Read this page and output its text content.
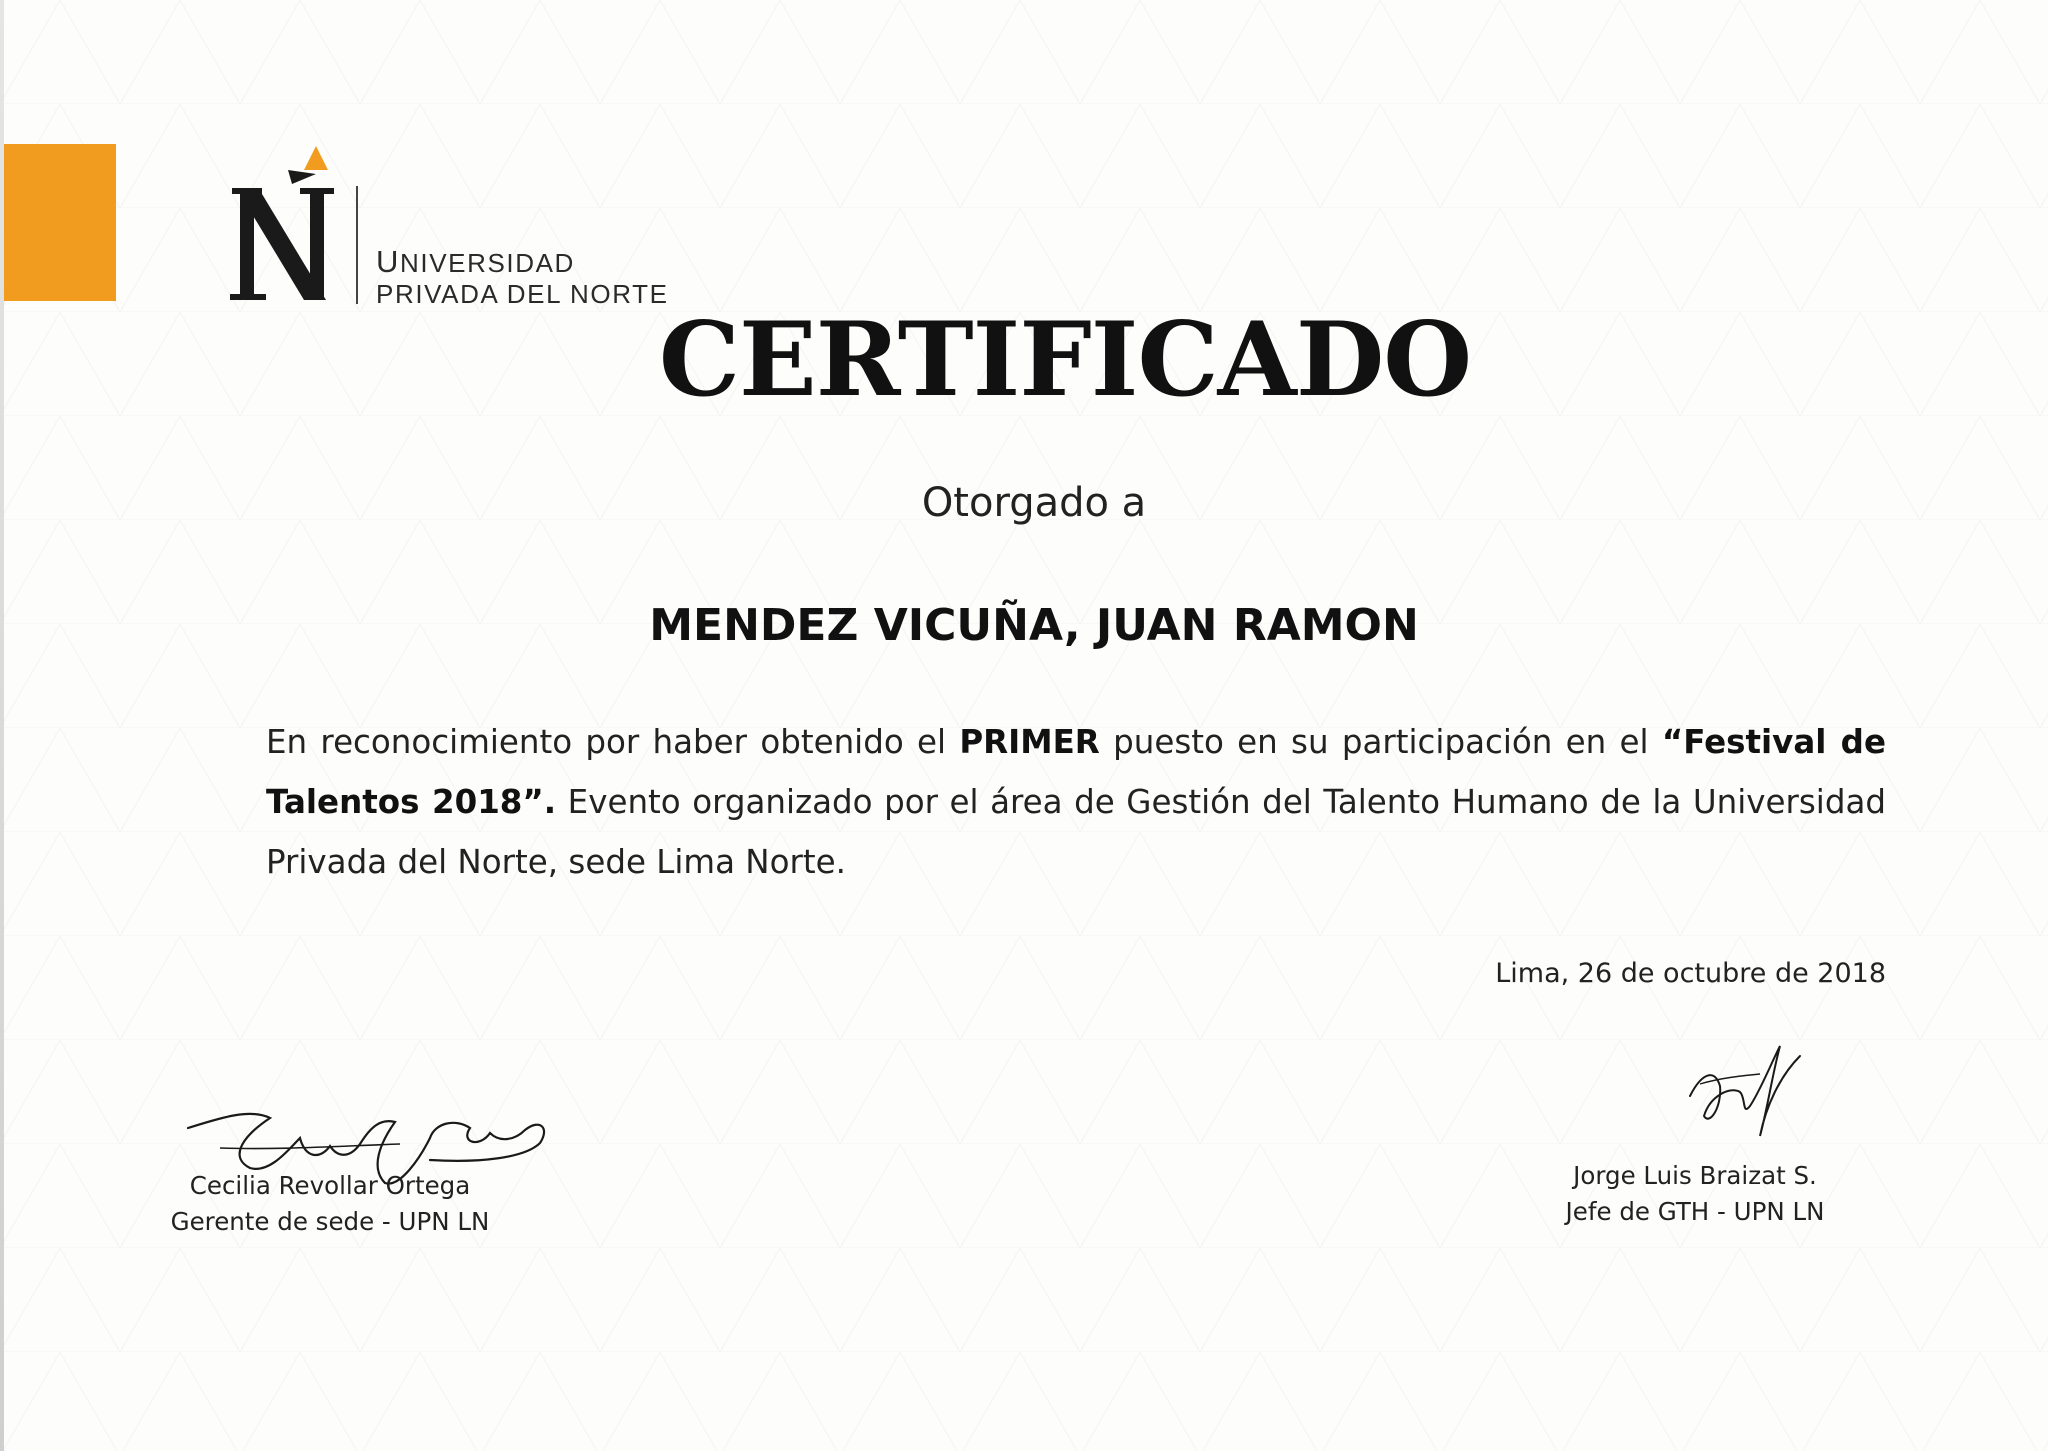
UNIVERSIDAD
PRIVADA DEL NORTE
CERTIFICADO
Otorgado a
MENDEZ VICUÑA, JUAN RAMON
En reconocimiento por haber obtenido el PRIMER puesto en su participación en el “Festival de Talentos 2018”. Evento organizado por el área de Gestión del Talento Humano de la Universidad Privada del Norte, sede Lima Norte.
Lima, 26 de octubre de 2018
Cecilia Revollar Ortega
Gerente de sede - UPN LN
Jorge Luis Braizat S.
Jefe de GTH - UPN LN
